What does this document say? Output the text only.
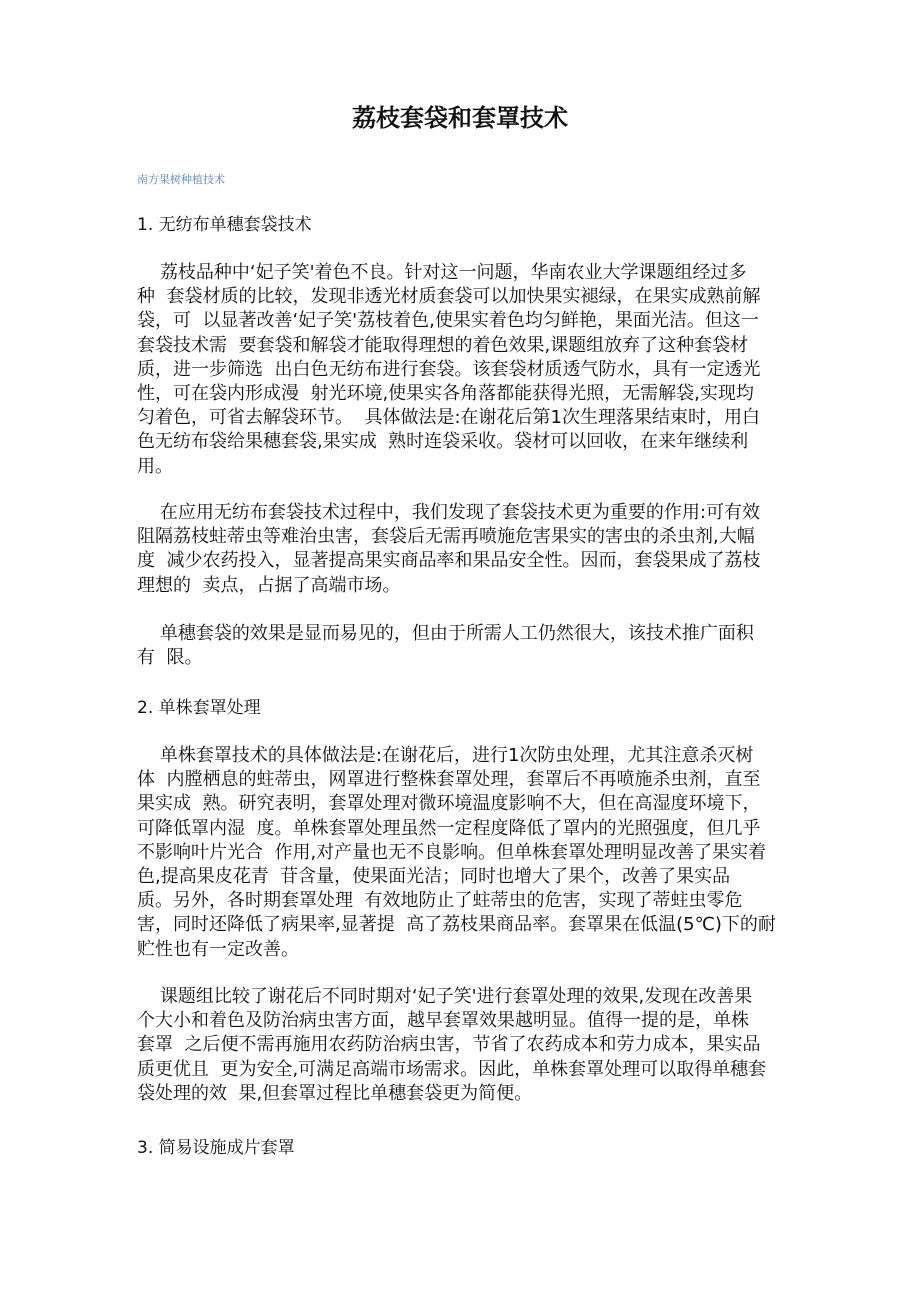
荔枝套袋和套罩技术
南方果树种植技术
1. 无纺布单穗套袋技术
荔枝品种中‘妃子笑'着色不良。针对这一问题，华南农业大学课题组经过多
种  套袋材质的比较，发现非透光材质套袋可以加快果实褪绿，在果实成熟前解
袋，可  以显著改善‘妃子笑'荔枝着色,使果实着色均匀鲜艳，果面光洁。但这一
套袋技术需  要套袋和解袋才能取得理想的着色效果,课题组放弃了这种套袋材
质，进一步筛选  出白色无纺布进行套袋。该套袋材质透气防水，具有一定透光
性，可在袋内形成漫  射光环境,使果实各角落都能获得光照，无需解袋,实现均
匀着色，可省去解袋环节。  具体做法是:在谢花后第1次生理落果结束时，用白
色无纺布袋给果穗套袋,果实成  熟时连袋采收。袋材可以回收，在来年继续利
用。
在应用无纺布套袋技术过程中，我们发现了套袋技术更为重要的作用:可有效
阻隔荔枝蛀蒂虫等难治虫害，套袋后无需再喷施危害果实的害虫的杀虫剂,大幅
度  减少农药投入，显著提高果实商品率和果品安全性。因而，套袋果成了荔枝
理想的  卖点，占据了高端市场。
单穗套袋的效果是显而易见的，但由于所需人工仍然很大，该技术推广面积
有  限。
2. 单株套罩处理
单株套罩技术的具体做法是:在谢花后，进行1次防虫处理，尤其注意杀灭树
体  内膛栖息的蛀蒂虫，网罩进行整株套罩处理，套罩后不再喷施杀虫剂，直至
果实成  熟。研究表明，套罩处理对微环境温度影响不大，但在高湿度环境下，
可降低罩内湿  度。单株套罩处理虽然一定程度降低了罩内的光照强度，但几乎
不影响叶片光合  作用,对产量也无不良影响。但单株套罩处理明显改善了果实着
色,提高果皮花青  苷含量，使果面光洁；同时也增大了果个，改善了果实品
质。另外，各时期套罩处理  有效地防止了蛀蒂虫的危害，实现了蒂蛀虫零危
害，同时还降低了病果率,显著提  高了荔枝果商品率。套罩果在低温(5℃)下的耐
贮性也有一定改善。
课题组比较了谢花后不同时期对‘妃子笑'进行套罩处理的效果,发现在改善果
个大小和着色及防治病虫害方面，越早套罩效果越明显。值得一提的是，单株
套罩  之后便不需再施用农药防治病虫害，节省了农药成本和劳力成本，果实品
质更优且  更为安全,可满足高端市场需求。因此，单株套罩处理可以取得单穗套
袋处理的效  果,但套罩过程比单穗套袋更为简便。
3. 简易设施成片套罩
